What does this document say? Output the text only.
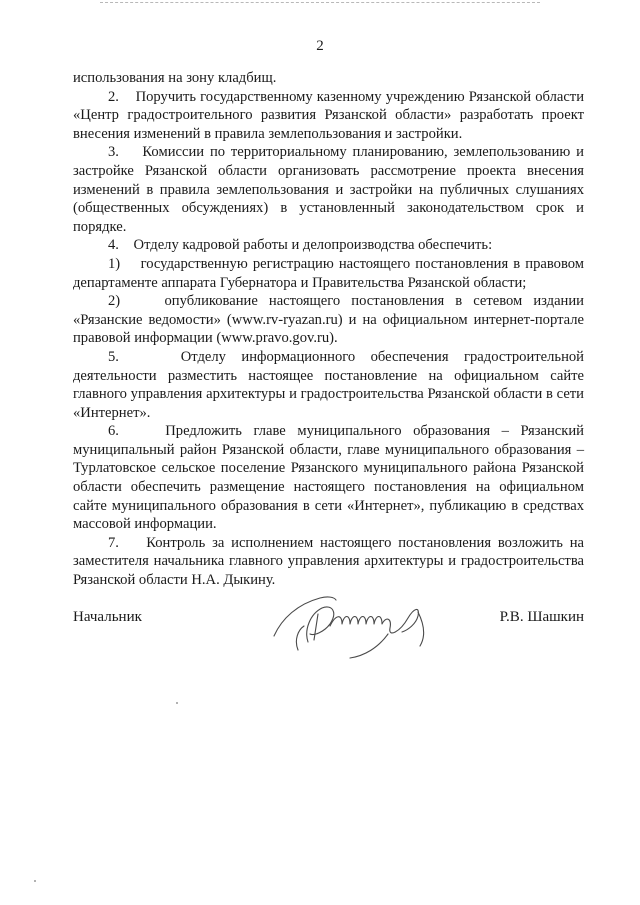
2

использования на зону кладбищ.

2.    Поручить государственному казенному учреждению Рязанской области «Центр градостроительного развития Рязанской области» разработать проект внесения изменений в правила землепользования и застройки.

3.    Комиссии по территориальному планированию, землепользованию и застройке Рязанской области организовать рассмотрение проекта внесения изменений в правила землепользования и застройки на публичных слушаниях (общественных обсуждениях) в установленный законодательством срок и порядке.

4.    Отделу кадровой работы и делопроизводства обеспечить:

1)    государственную регистрацию настоящего постановления в правовом департаменте аппарата Губернатора и Правительства Рязанской области;

2)    опубликование настоящего постановления в сетевом издании «Рязанские ведомости» (www.rv-ryazan.ru) и на официальном интернет-портале правовой информации (www.pravo.gov.ru).

5.    Отделу информационного обеспечения градостроительной деятельности разместить настоящее постановление на официальном сайте главного управления архитектуры и градостроительства Рязанской области в сети «Интернет».

6.    Предложить главе муниципального образования – Рязанский муниципальный район Рязанской области, главе муниципального образования – Турлатовское сельское поселение Рязанского муниципального района Рязанской области обеспечить размещение настоящего постановления на официальном сайте муниципального образования в сети «Интернет», публикацию в средствах массовой информации.

7.    Контроль за исполнением настоящего постановления возложить на заместителя начальника главного управления архитектуры и градостроительства Рязанской области Н.А. Дыкину.

Начальник	Р.В. Шашкин
